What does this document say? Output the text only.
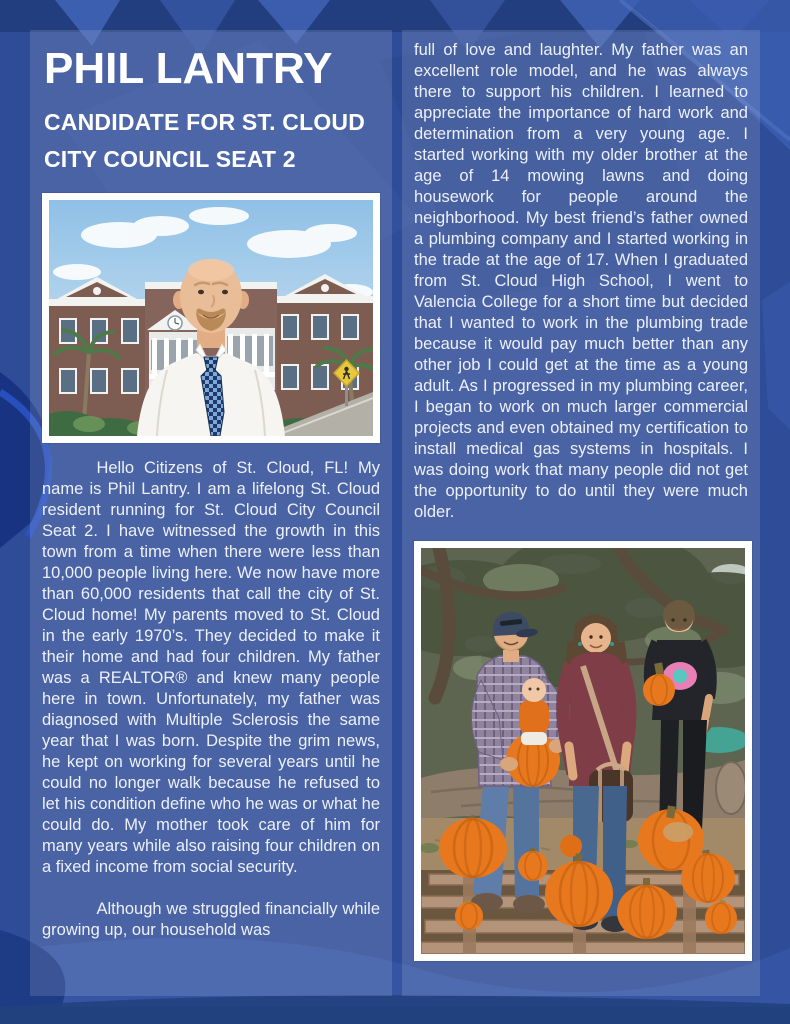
PHIL LANTRY
CANDIDATE FOR ST. CLOUD
CITY COUNCIL SEAT 2

Hello Citizens of St. Cloud, FL! My name is Phil Lantry. I am a lifelong St. Cloud resident running for St. Cloud City Council Seat 2. I have witnessed the growth in this town from a time when there were less than 10,000 people living here. We now have more than 60,000 residents that call the city of St. Cloud home! My parents moved to St. Cloud in the early 1970’s. They decided to make it their home and had four children. My father was a REALTOR® and knew many people here in town. Unfortunately, my father was diagnosed with Multiple Sclerosis the same year that I was born. Despite the grim news, he kept on working for several years until he could no longer walk because he refused to let his condition define who he was or what he could do. My mother took care of him for many years while also raising four children on a fixed income from social security.

Although we struggled financially while growing up, our household was

full of love and laughter. My father was an excellent role model, and he was always there to support his children. I learned to appreciate the importance of hard work and determination from a very young age. I started working with my older brother at the age of 14 mowing lawns and doing housework for people around the neighborhood. My best friend’s father owned a plumbing company and I started working in the trade at the age of 17. When I graduated from St. Cloud High School, I went to Valencia College for a short time but decided that I wanted to work in the plumbing trade because it would pay much better than any other job I could get at the time as a young adult. As I progressed in my plumbing career, I began to work on much larger commercial projects and even obtained my certification to install medical gas systems in hospitals. I was doing work that many people did not get the opportunity to do until they were much older.
